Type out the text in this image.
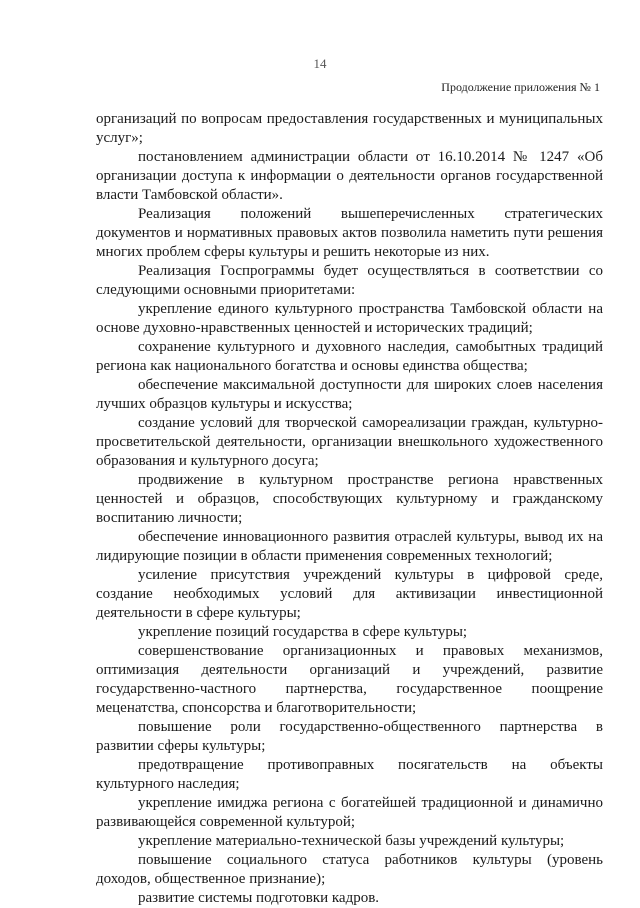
14
Продолжение приложения № 1

организаций по вопросам предоставления государственных и муниципальных услуг»;

постановлением администрации области от 16.10.2014 № 1247 «Об организации доступа к информации о деятельности органов государственной власти Тамбовской области».

Реализация положений вышеперечисленных стратегических документов и нормативных правовых актов позволила наметить пути решения многих проблем сферы культуры и решить некоторые из них.

Реализация Госпрограммы будет осуществляться в соответствии со следующими основными приоритетами:

укрепление единого культурного пространства Тамбовской области на основе духовно-нравственных ценностей и исторических традиций;

сохранение культурного и духовного наследия, самобытных традиций региона как национального богатства и основы единства общества;

обеспечение максимальной доступности для широких слоев населения лучших образцов культуры и искусства;

создание условий для творческой самореализации граждан, культурно-просветительской деятельности, организации внешкольного художественного образования и культурного досуга;

продвижение в культурном пространстве региона нравственных ценностей и образцов, способствующих культурному и гражданскому воспитанию личности;

обеспечение инновационного развития отраслей культуры, вывод их на лидирующие позиции в области применения современных технологий;

усиление присутствия учреждений культуры в цифровой среде, создание необходимых условий для активизации инвестиционной деятельности в сфере культуры;

укрепление позиций государства в сфере культуры;

совершенствование организационных и правовых механизмов, оптимизация деятельности организаций и учреждений, развитие государственно-частного партнерства, государственное поощрение меценатства, спонсорства и благотворительности;

повышение роли государственно-общественного партнерства в развитии сферы культуры;

предотвращение противоправных посягательств на объекты культурного наследия;

укрепление имиджа региона с богатейшей традиционной и динамично развивающейся современной культурой;

укрепление материально-технической базы учреждений культуры;

повышение социального статуса работников культуры (уровень доходов, общественное признание);

развитие системы подготовки кадров.
